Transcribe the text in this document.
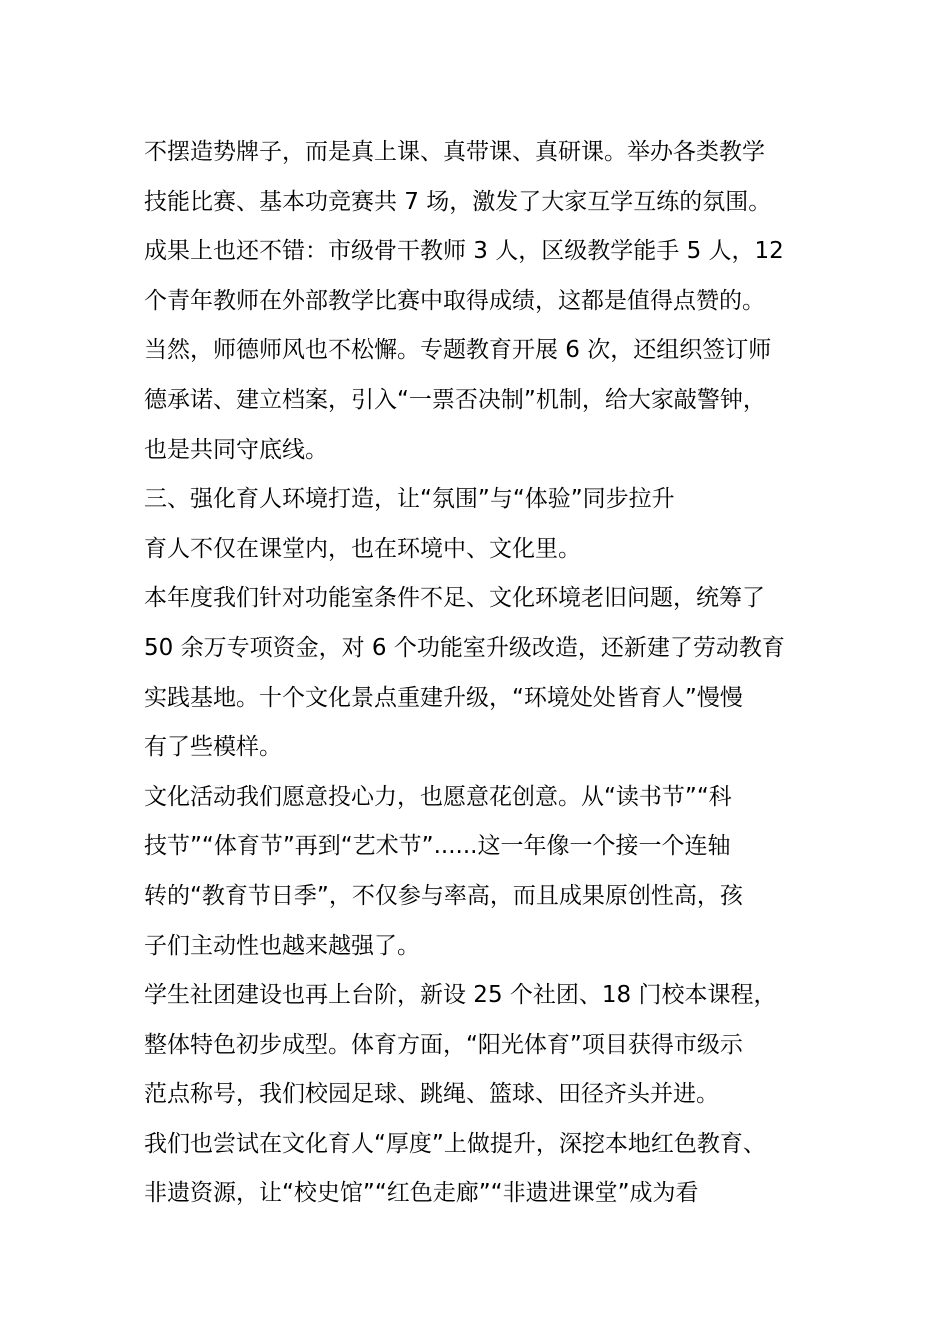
不摆造势牌子，而是真上课、真带课、真研课。举办各类教学
技能比赛、基本功竞赛共 7 场，激发了大家互学互练的氛围。
成果上也还不错：市级骨干教师 3 人，区级教学能手 5 人，12
个青年教师在外部教学比赛中取得成绩，这都是值得点赞的。
当然，师德师风也不松懈。专题教育开展 6 次，还组织签订师
德承诺、建立档案，引入“一票否决制”机制，给大家敲警钟，
也是共同守底线。
三、强化育人环境打造，让“氛围”与“体验”同步拉升
育人不仅在课堂内，也在环境中、文化里。
本年度我们针对功能室条件不足、文化环境老旧问题，统筹了
50 余万专项资金，对 6 个功能室升级改造，还新建了劳动教育
实践基地。十个文化景点重建升级，“环境处处皆育人”慢慢
有了些模样。
文化活动我们愿意投心力，也愿意花创意。从“读书节”“科
技节”“体育节”再到“艺术节”......这一年像一个接一个连轴
转的“教育节日季”，不仅参与率高，而且成果原创性高，孩
子们主动性也越来越强了。
学生社团建设也再上台阶，新设 25 个社团、18 门校本课程，
整体特色初步成型。体育方面，“阳光体育”项目获得市级示
范点称号，我们校园足球、跳绳、篮球、田径齐头并进。
我们也尝试在文化育人“厚度”上做提升，深挖本地红色教育、
非遗资源，让“校史馆”“红色走廊”“非遗进课堂”成为看
